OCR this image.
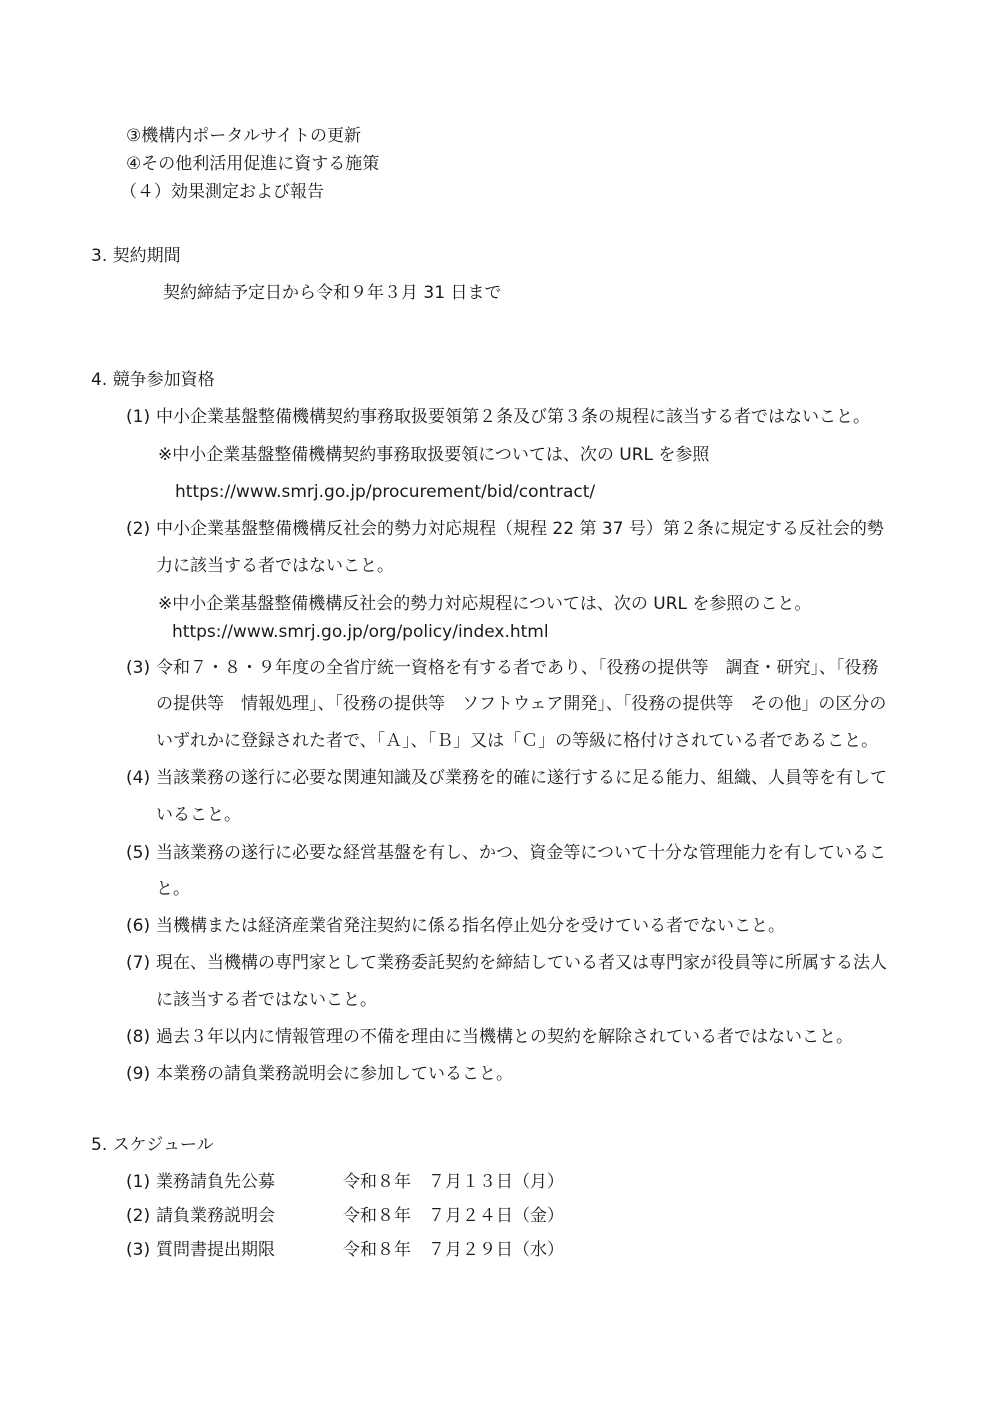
③機構内ポータルサイトの更新
④その他利活用促進に資する施策
（４）効果測定および報告
3. 契約期間
契約締結予定日から令和９年３月 31 日まで
4. 競争参加資格
(1) 中小企業基盤整備機構契約事務取扱要領第２条及び第３条の規程に該当する者ではないこと。
※中小企業基盤整備機構契約事務取扱要領については、次の URL を参照
https://www.smrj.go.jp/procurement/bid/contract/
(2) 中小企業基盤整備機構反社会的勢力対応規程（規程 22 第 37 号）第２条に規定する反社会的勢
力に該当する者ではないこと。
※中小企業基盤整備機構反社会的勢力対応規程については、次の URL を参照のこと。
https://www.smrj.go.jp/org/policy/index.html
(3) 令和７・８・９年度の全省庁統一資格を有する者であり、「役務の提供等　調査・研究」、「役務
の提供等　情報処理」、「役務の提供等　ソフトウェア開発」、「役務の提供等　その他」の区分の
いずれかに登録された者で、「Ａ」、「Ｂ」又は「Ｃ」の等級に格付けされている者であること。
(4) 当該業務の遂行に必要な関連知識及び業務を的確に遂行するに足る能力、組織、人員等を有して
いること。
(5) 当該業務の遂行に必要な経営基盤を有し、かつ、資金等について十分な管理能力を有しているこ
と。
(6) 当機構または経済産業省発注契約に係る指名停止処分を受けている者でないこと。
(7) 現在、当機構の専門家として業務委託契約を締結している者又は専門家が役員等に所属する法人
に該当する者ではないこと。
(8) 過去３年以内に情報管理の不備を理由に当機構との契約を解除されている者ではないこと。
(9) 本業務の請負業務説明会に参加していること。
5. スケジュール
(1) 業務請負先公募	令和８年　７月１３日（月）
(2) 請負業務説明会	令和８年　７月２４日（金）
(3) 質問書提出期限	令和８年　７月２９日（水）
